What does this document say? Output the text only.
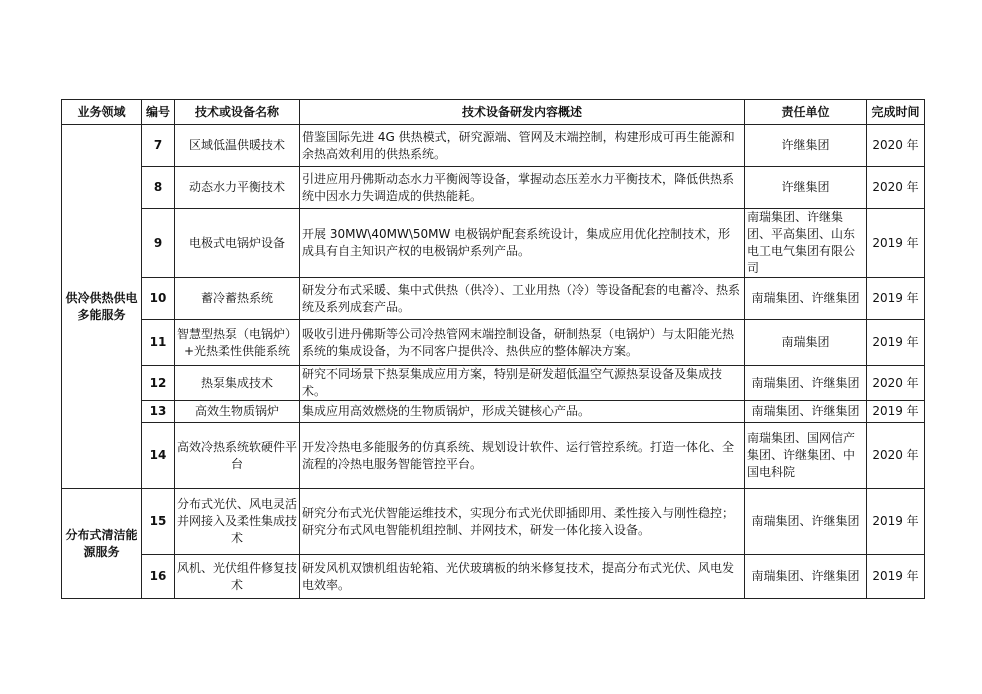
业务领域	编号	技术或设备名称	技术设备研发内容概述	责任单位	完成时间
供冷供热供电多能服务	7	区域低温供暖技术	借鉴国际先进 4G 供热模式，研究源端、管网及末端控制，构建形成可再生能源和余热高效利用的供热系统。	许继集团	2020 年
	8	动态水力平衡技术	引进应用丹佛斯动态水力平衡阀等设备，掌握动态压差水力平衡技术，降低供热系统中因水力失调造成的供热能耗。	许继集团	2020 年
	9	电极式电锅炉设备	开展 30MW\40MW\50MW 电极锅炉配套系统设计，集成应用优化控制技术，形成具有自主知识产权的电极锅炉系列产品。	南瑞集团、许继集团、平高集团、山东电工电气集团有限公司	2019 年
	10	蓄冷蓄热系统	研发分布式采暖、集中式供热（供冷）、工业用热（冷）等设备配套的电蓄冷、热系统及系列成套产品。	南瑞集团、许继集团	2019 年
	11	智慧型热泵（电锅炉）+光热柔性供能系统	吸收引进丹佛斯等公司冷热管网末端控制设备，研制热泵（电锅炉）与太阳能光热系统的集成设备，为不同客户提供冷、热供应的整体解决方案。	南瑞集团	2019 年
	12	热泵集成技术	研究不同场景下热泵集成应用方案，特别是研发超低温空气源热泵设备及集成技术。	南瑞集团、许继集团	2020 年
	13	高效生物质锅炉	集成应用高效燃烧的生物质锅炉，形成关键核心产品。	南瑞集团、许继集团	2019 年
	14	高效冷热系统软硬件平台	开发冷热电多能服务的仿真系统、规划设计软件、运行管控系统。打造一体化、全流程的冷热电服务智能管控平台。	南瑞集团、国网信产集团、许继集团、中国电科院	2020 年
分布式清洁能源服务	15	分布式光伏、风电灵活并网接入及柔性集成技术	研究分布式光伏智能运维技术，实现分布式光伏即插即用、柔性接入与刚性稳控；研究分布式风电智能机组控制、并网技术，研发一体化接入设备。	南瑞集团、许继集团	2019 年
	16	风机、光伏组件修复技术	研发风机双馈机组齿轮箱、光伏玻璃板的纳米修复技术，提高分布式光伏、风电发电效率。	南瑞集团、许继集团	2019 年
